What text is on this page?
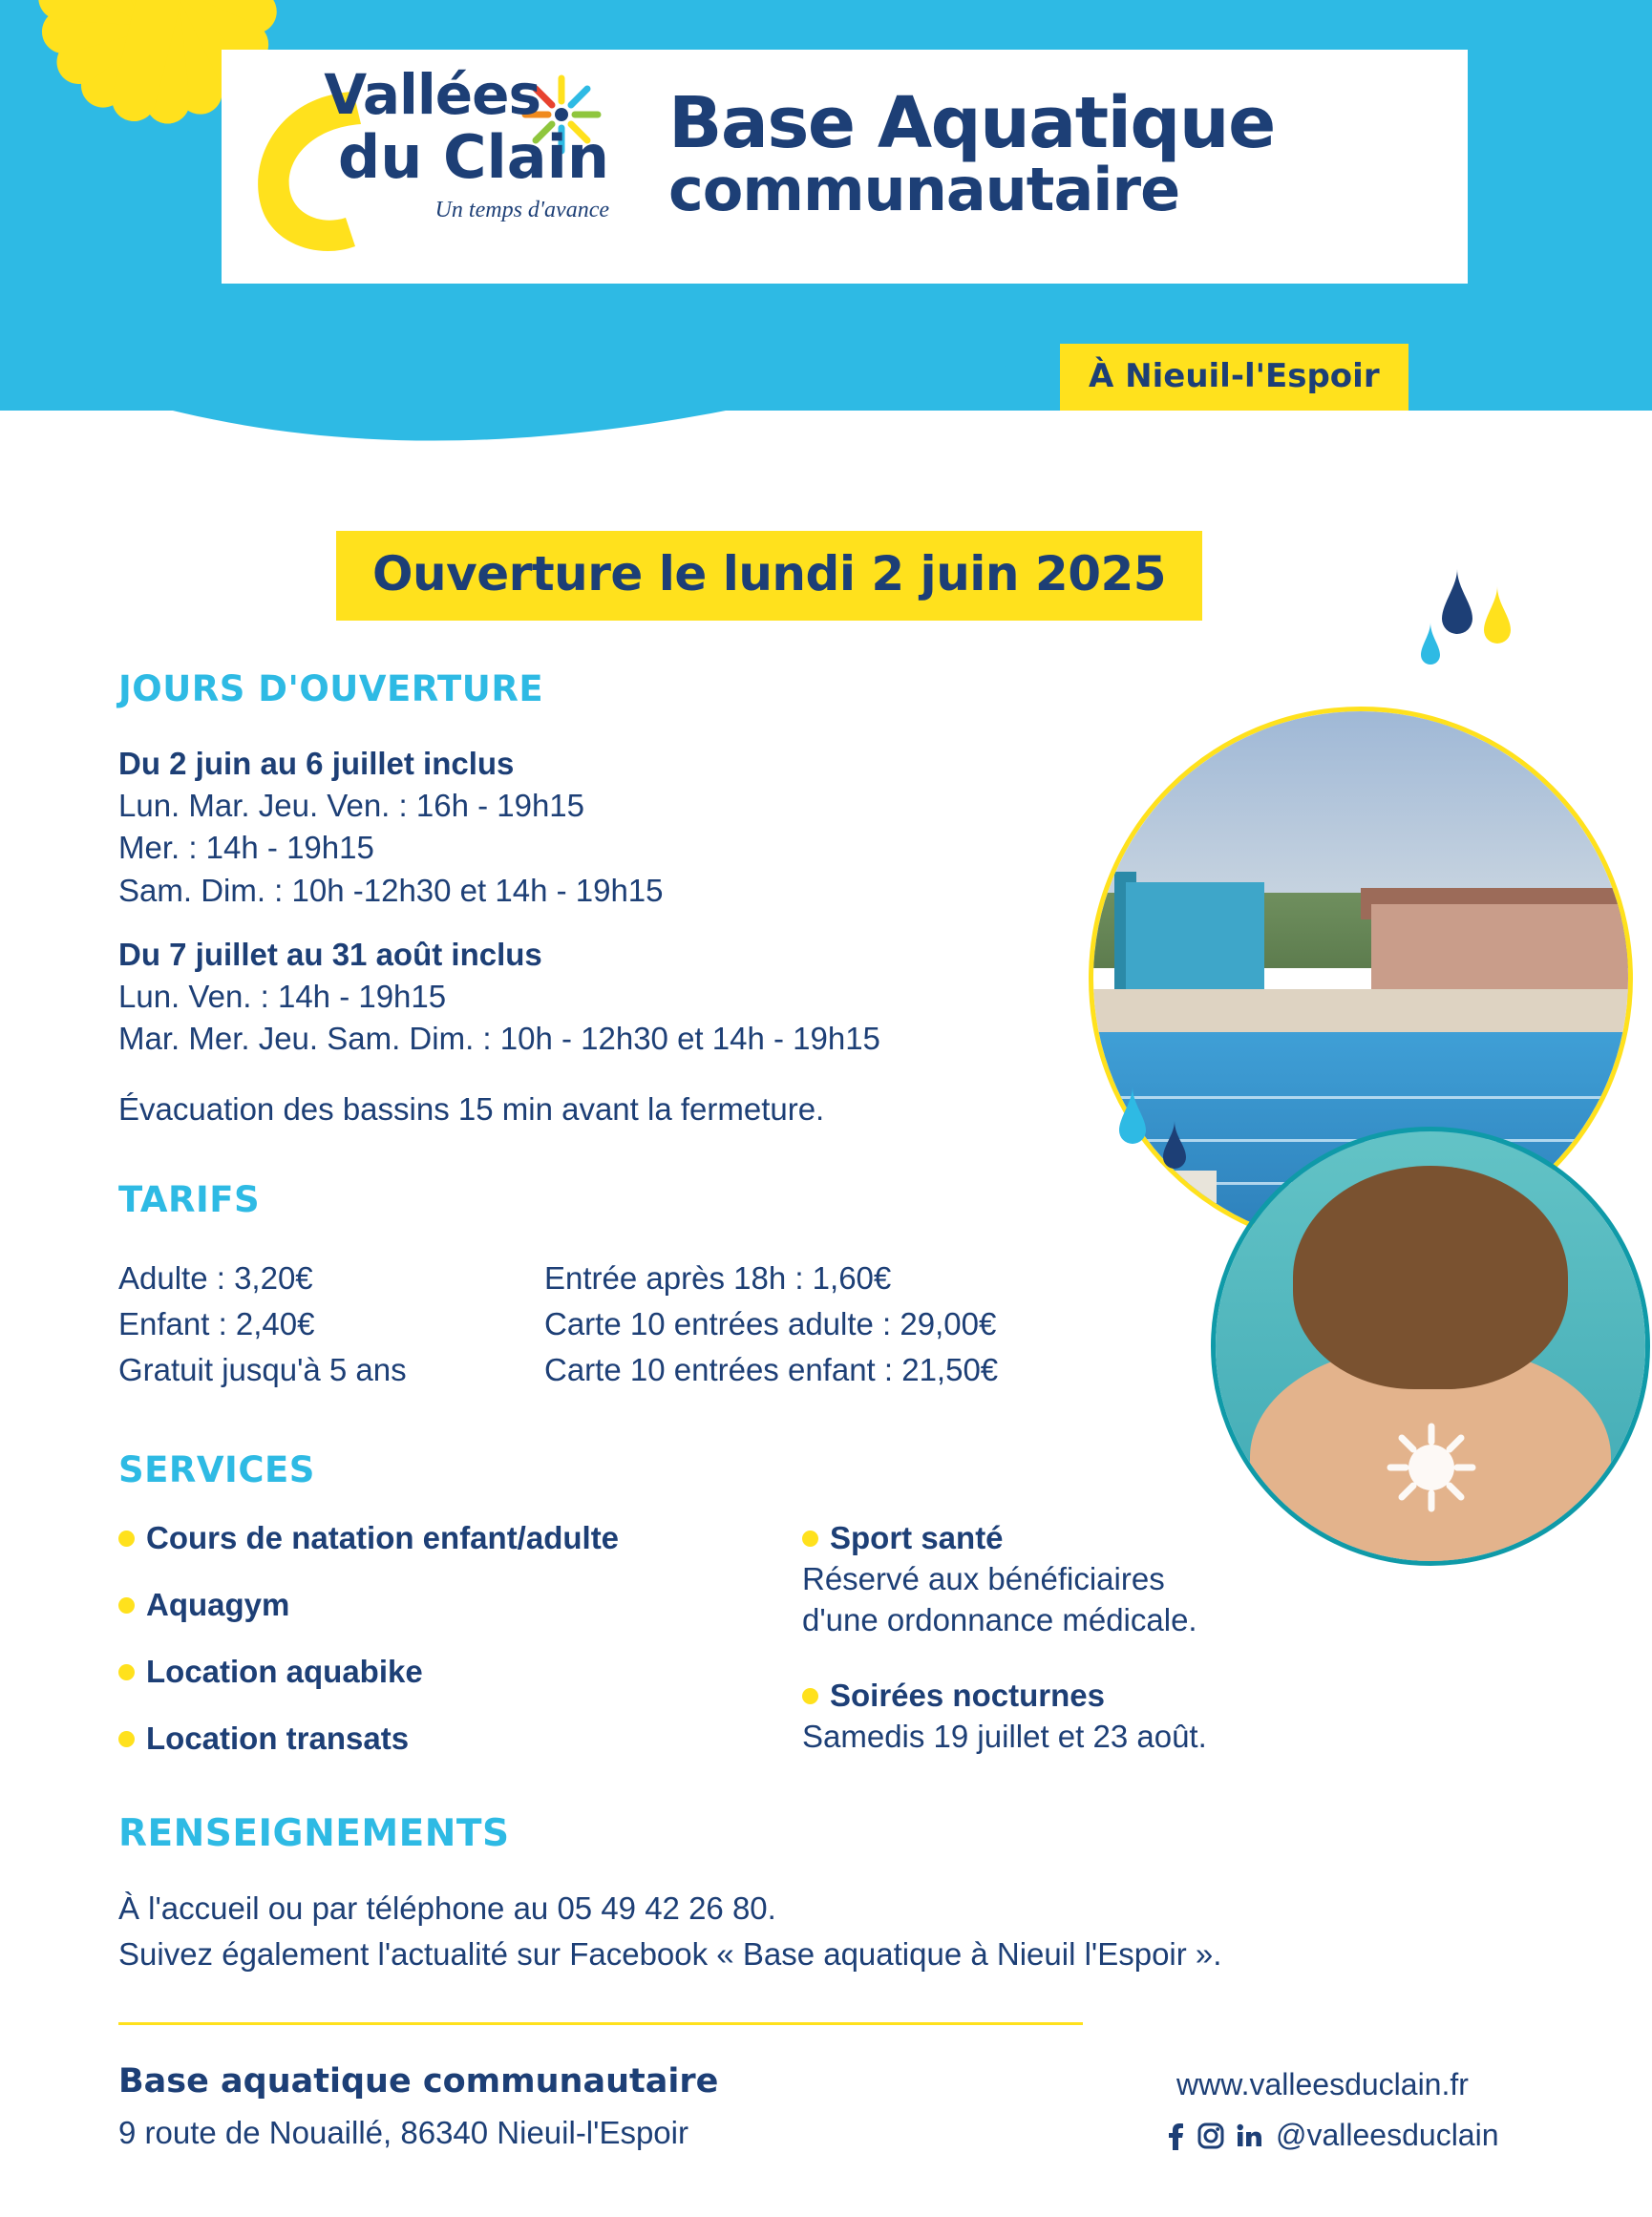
Vallées
du Clain
Un temps d'avance
Base Aquatique
communautaire
À Nieuil-l'Espoir
Ouverture le lundi 2 juin 2025
JOURS D'OUVERTURE
Du 2 juin au 6 juillet inclus
Lun. Mar. Jeu. Ven. : 16h - 19h15
Mer. : 14h - 19h15
Sam. Dim. : 10h -12h30 et 14h - 19h15
Du 7 juillet au 31 août inclus
Lun. Ven. : 14h - 19h15
Mar. Mer. Jeu. Sam. Dim. : 10h - 12h30 et 14h - 19h15
Évacuation des bassins 15 min avant la fermeture.
TARIFS
Adulte : 3,20€
Enfant : 2,40€
Gratuit jusqu'à 5 ans
Entrée après 18h : 1,60€
Carte 10 entrées adulte : 29,00€
Carte 10 entrées enfant : 21,50€
SERVICES
Cours de natation enfant/adulte
Aquagym
Location aquabike
Location transats
Sport santé
Réservé aux bénéficiaires
d'une ordonnance médicale.
Soirées nocturnes
Samedis 19 juillet et 23 août.
RENSEIGNEMENTS
À l'accueil ou par téléphone au 05 49 42 26 80.
Suivez également l'actualité sur Facebook « Base aquatique à Nieuil l'Espoir ».
Base aquatique communautaire
9 route de Nouaillé, 86340 Nieuil-l'Espoir
www.valleesduclain.fr
@valleesduclain
